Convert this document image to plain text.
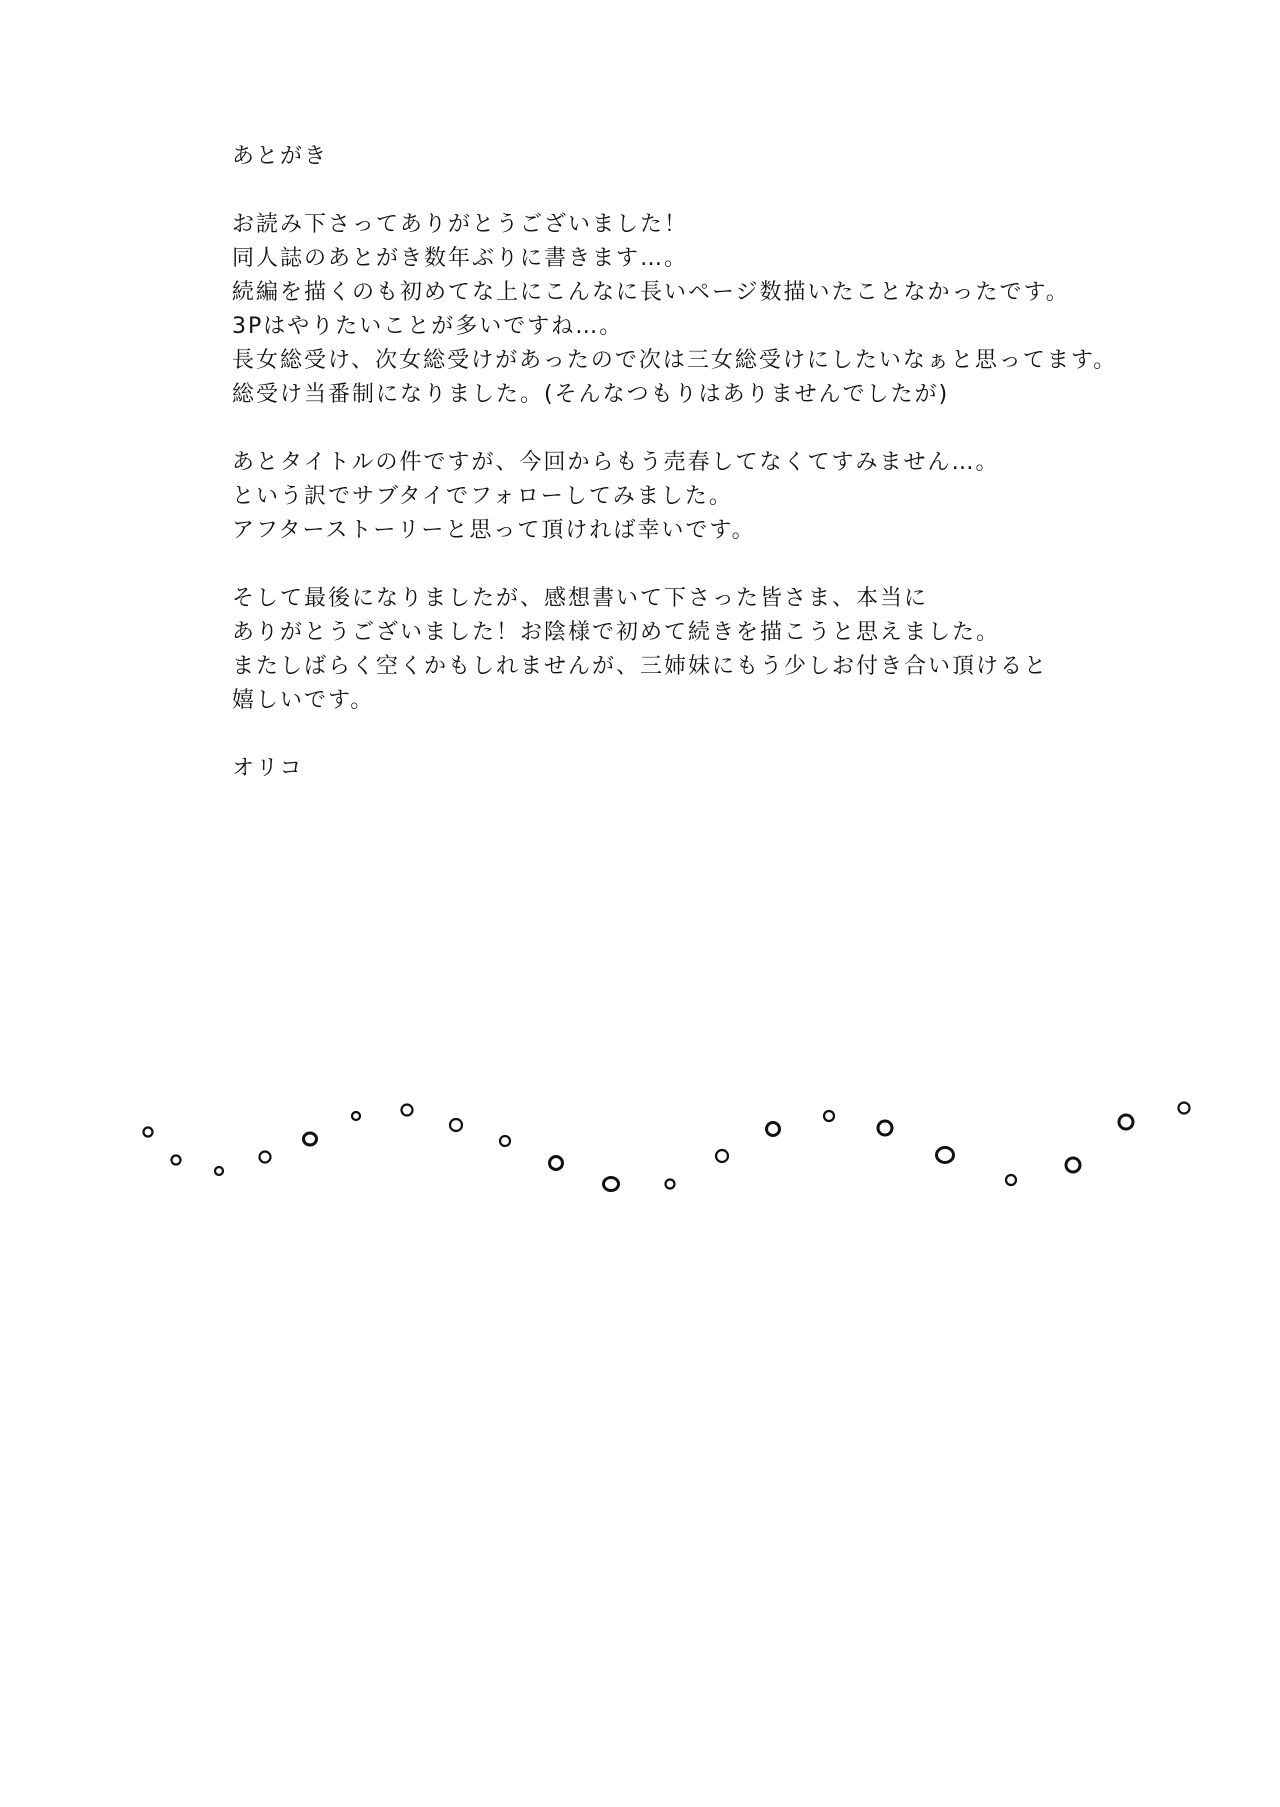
あとがき
お読み下さってありがとうございました！
同人誌のあとがき数年ぶりに書きます…。
続編を描くのも初めてな上にこんなに長いページ数描いたことなかったです。
3Pはやりたいことが多いですね…。
長女総受け、次女総受けがあったので次は三女総受けにしたいなぁと思ってます。
総受け当番制になりました。(そんなつもりはありませんでしたが)
あとタイトルの件ですが、今回からもう売春してなくてすみません…。
という訳でサブタイでフォローしてみました。
アフターストーリーと思って頂ければ幸いです。
そして最後になりましたが、感想書いて下さった皆さま、本当に
ありがとうございました！お陰様で初めて続きを描こうと思えました。
またしばらく空くかもしれませんが、三姉妹にもう少しお付き合い頂けると
嬉しいです。
オリコ
